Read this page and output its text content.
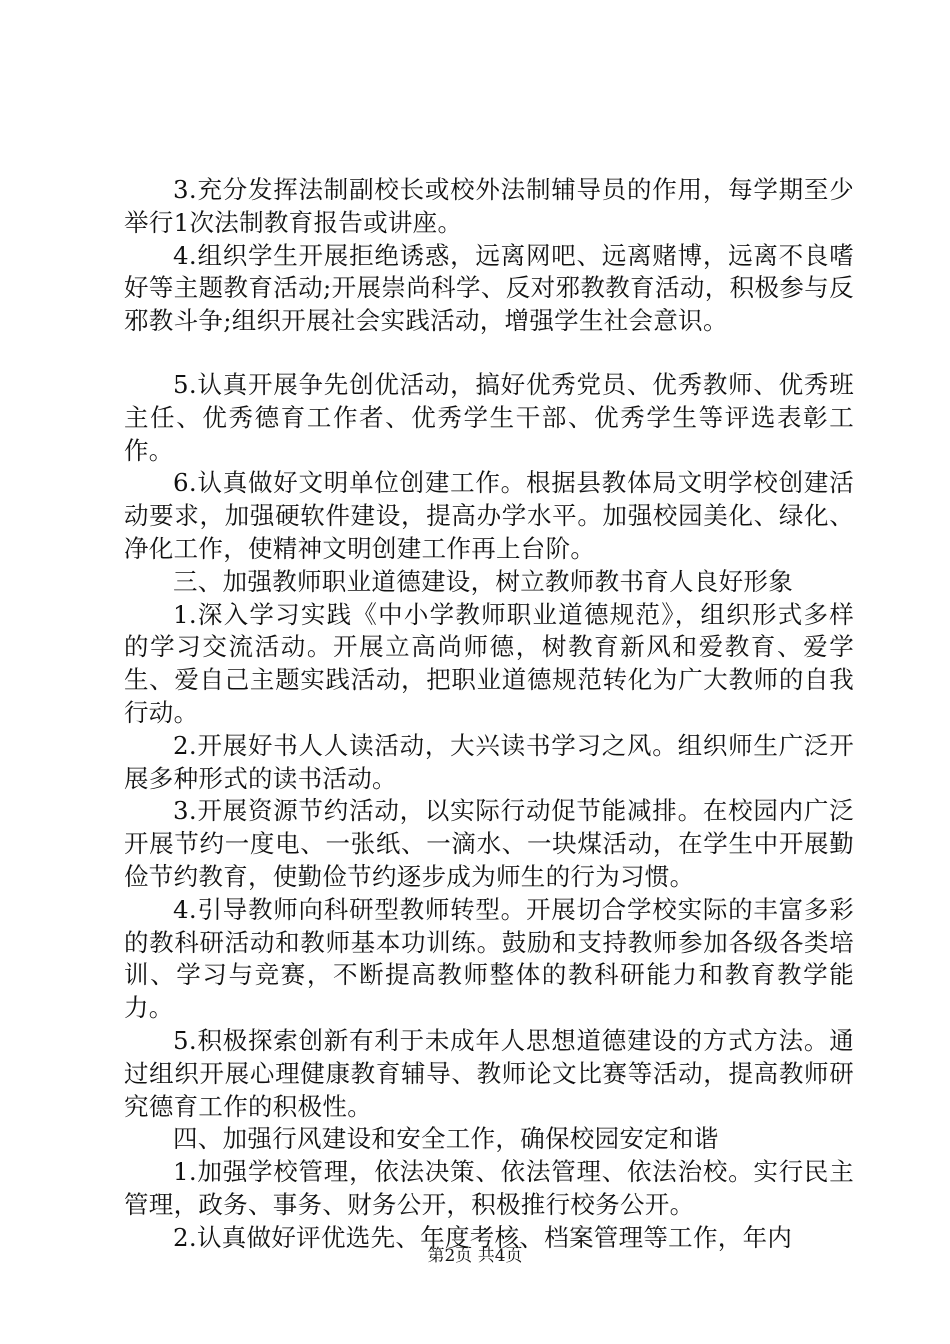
3.充分发挥法制副校长或校外法制辅导员的作用，每学期至少举行1次法制教育报告或讲座。

4.组织学生开展拒绝诱惑，远离网吧、远离赌博，远离不良嗜好等主题教育活动;开展崇尚科学、反对邪教教育活动，积极参与反邪教斗争;组织开展社会实践活动，增强学生社会意识。

5.认真开展争先创优活动，搞好优秀党员、优秀教师、优秀班主任、优秀德育工作者、优秀学生干部、优秀学生等评选表彰工作。

6.认真做好文明单位创建工作。根据县教体局文明学校创建活动要求，加强硬软件建设，提高办学水平。加强校园美化、绿化、净化工作，使精神文明创建工作再上台阶。

三、加强教师职业道德建设，树立教师教书育人良好形象

1.深入学习实践《中小学教师职业道德规范》，组织形式多样的学习交流活动。开展立高尚师德，树教育新风和爱教育、爱学生、爱自己主题实践活动，把职业道德规范转化为广大教师的自我行动。

2.开展好书人人读活动，大兴读书学习之风。组织师生广泛开展多种形式的读书活动。

3.开展资源节约活动，以实际行动促节能减排。在校园内广泛开展节约一度电、一张纸、一滴水、一块煤活动，在学生中开展勤俭节约教育，使勤俭节约逐步成为师生的行为习惯。

4.引导教师向科研型教师转型。开展切合学校实际的丰富多彩的教科研活动和教师基本功训练。鼓励和支持教师参加各级各类培训、学习与竞赛，不断提高教师整体的教科研能力和教育教学能力。

5.积极探索创新有利于未成年人思想道德建设的方式方法。通过组织开展心理健康教育辅导、教师论文比赛等活动，提高教师研究德育工作的积极性。

四、加强行风建设和安全工作，确保校园安定和谐

1.加强学校管理，依法决策、依法管理、依法治校。实行民主管理，政务、事务、财务公开，积极推行校务公开。

2.认真做好评优选先、年度考核、档案管理等工作，年内

第2页 共4页
